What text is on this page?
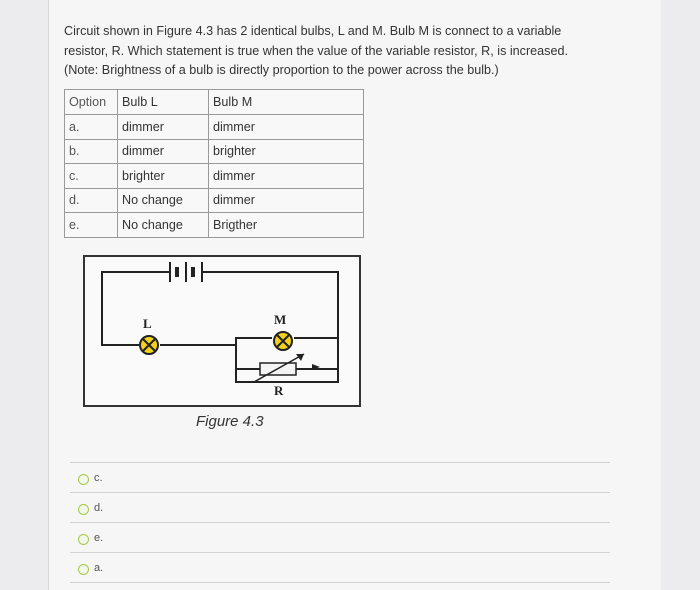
Circuit shown in Figure 4.3 has 2 identical bulbs, L and M. Bulb M is connect to a variable resistor, R. Which statement is true when the value of the variable resistor, R, is increased. (Note: Brightness of a bulb is directly proportion to the power across the bulb.)
Option	Bulb L	Bulb M
a.	dimmer	dimmer
b.	dimmer	brighter
c.	brighter	dimmer
d.	No change	dimmer
e.	No change	Brigther
L	M
R
Figure 4.3
c.
d.
e.
a.
